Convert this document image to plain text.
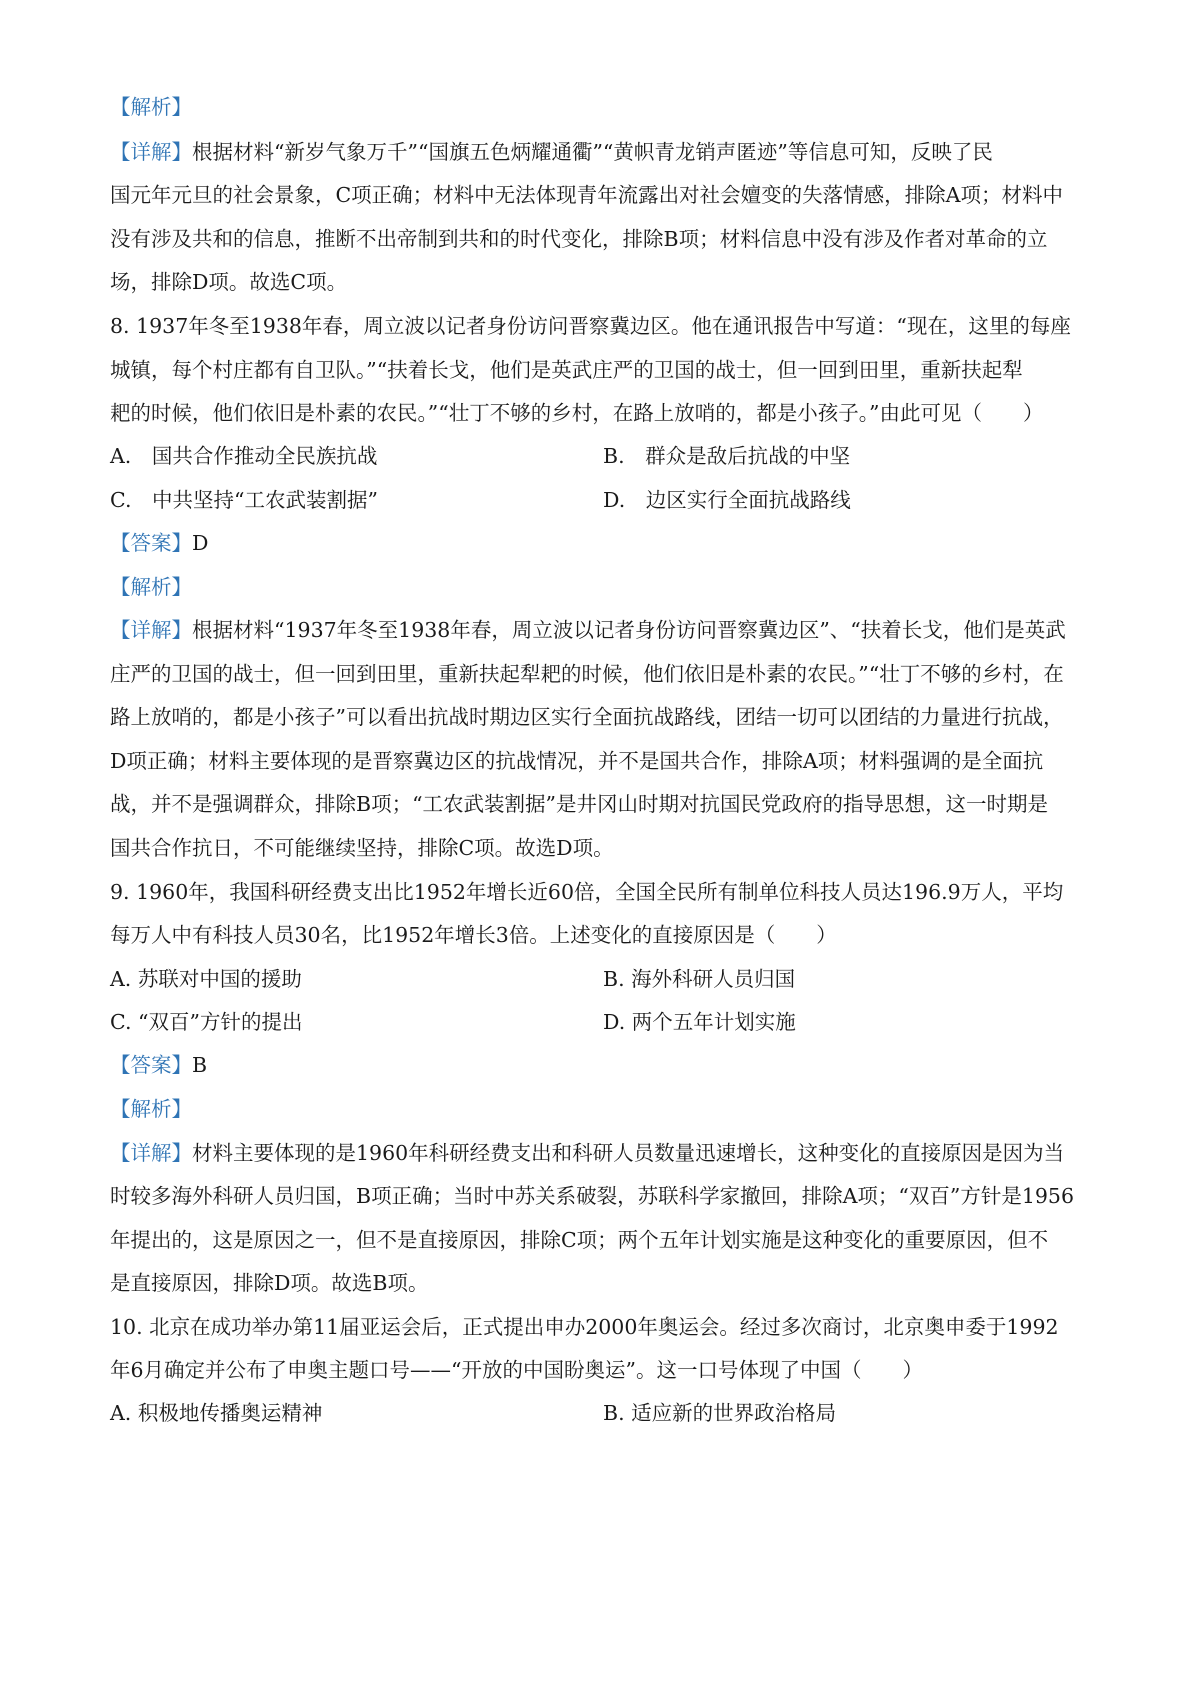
【解析】
【详解】根据材料“新岁气象万千”“国旗五色炳耀通衢”“黄帜青龙销声匿迹”等信息可知，反映了民
国元年元旦的社会景象，C项正确；材料中无法体现青年流露出对社会嬗变的失落情感，排除A项；材料中
没有涉及共和的信息，推断不出帝制到共和的时代变化，排除B项；材料信息中没有涉及作者对革命的立
场，排除D项。故选C项。
8. 1937年冬至1938年春，周立波以记者身份访问晋察冀边区。他在通讯报告中写道：“现在，这里的每座
城镇，每个村庄都有自卫队。”“扶着长戈，他们是英武庄严的卫国的战士，但一回到田里，重新扶起犁
耙的时候，他们依旧是朴素的农民。”“壮丁不够的乡村，在路上放哨的，都是小孩子。”由此可见（　　）
A.　国共合作推动全民族抗战	B.　群众是敌后抗战的中坚
C.　中共坚持“工农武装割据”	D.　边区实行全面抗战路线
【答案】D
【解析】
【详解】根据材料“1937年冬至1938年春，周立波以记者身份访问晋察冀边区”、“扶着长戈，他们是英武
庄严的卫国的战士，但一回到田里，重新扶起犁耙的时候，他们依旧是朴素的农民。”“壮丁不够的乡村，在
路上放哨的，都是小孩子”可以看出抗战时期边区实行全面抗战路线，团结一切可以团结的力量进行抗战，
D项正确；材料主要体现的是晋察冀边区的抗战情况，并不是国共合作，排除A项；材料强调的是全面抗
战，并不是强调群众，排除B项；“工农武装割据”是井冈山时期对抗国民党政府的指导思想，这一时期是
国共合作抗日，不可能继续坚持，排除C项。故选D项。
9. 1960年，我国科研经费支出比1952年增长近60倍，全国全民所有制单位科技人员达196.9万人，平均
每万人中有科技人员30名，比1952年增长3倍。上述变化的直接原因是（　　）
A. 苏联对中国的援助	B. 海外科研人员归国
C. “双百”方针的提出	D. 两个五年计划实施
【答案】B
【解析】
【详解】材料主要体现的是1960年科研经费支出和科研人员数量迅速增长，这种变化的直接原因是因为当
时较多海外科研人员归国，B项正确；当时中苏关系破裂，苏联科学家撤回，排除A项；“双百”方针是1956
年提出的，这是原因之一，但不是直接原因，排除C项；两个五年计划实施是这种变化的重要原因，但不
是直接原因，排除D项。故选B项。
10. 北京在成功举办第11届亚运会后，正式提出申办2000年奥运会。经过多次商讨，北京奥申委于1992
年6月确定并公布了申奥主题口号——“开放的中国盼奥运”。这一口号体现了中国（　　）
A. 积极地传播奥运精神	B. 适应新的世界政治格局
